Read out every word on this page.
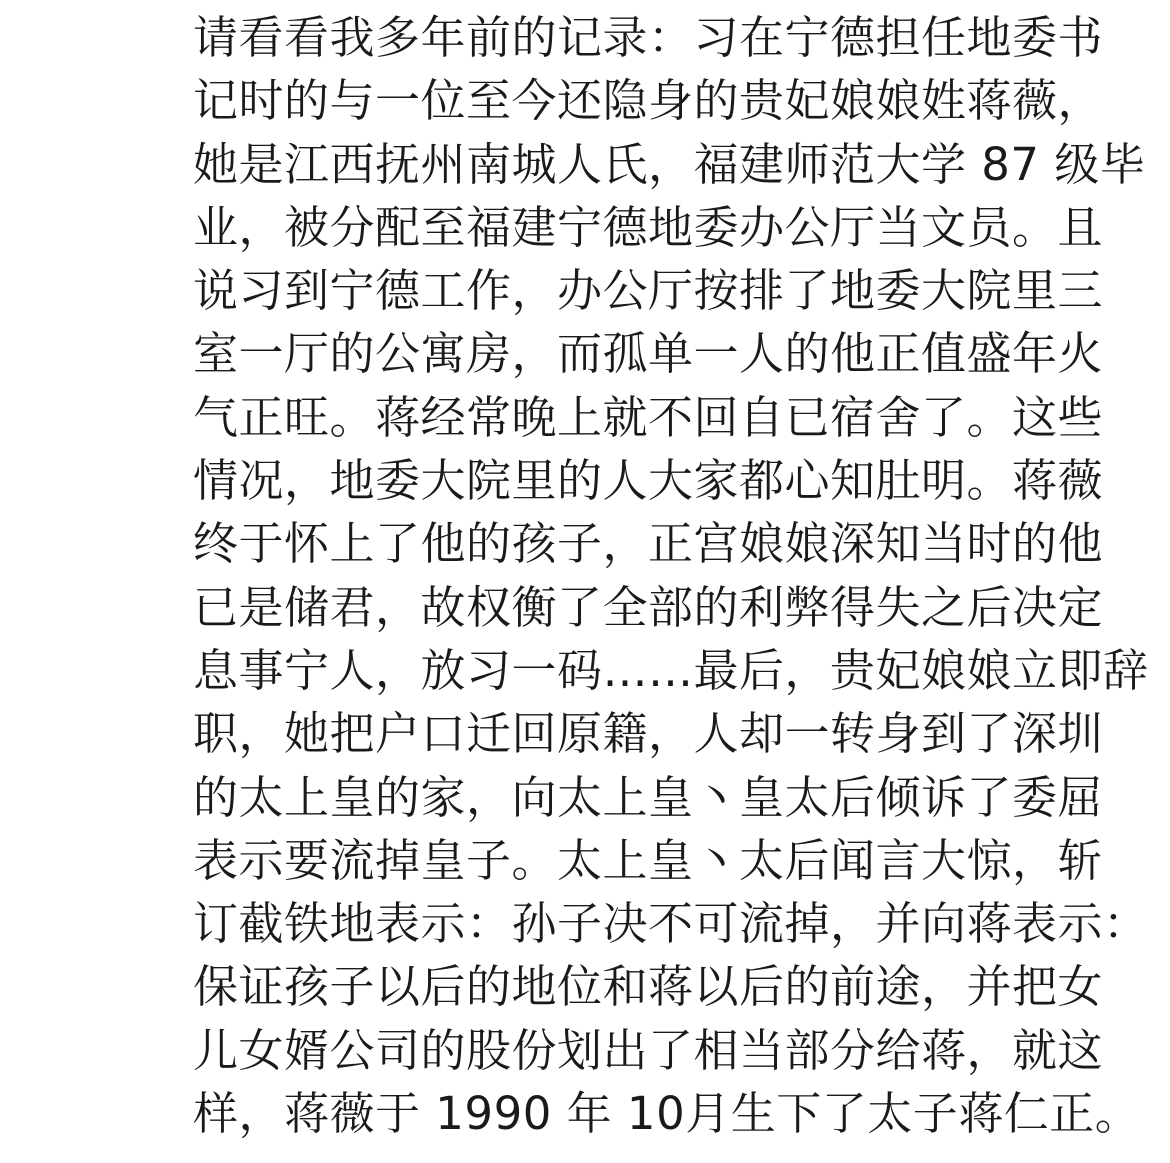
请看看我多年前的记录：习在宁德担任地委书
记时的与一位至今还隐身的贵妃娘娘姓蒋薇，
她是江西抚州南城人氏，福建师范大学 87 级毕
业，被分配至福建宁德地委办公厅当文员。且
说习到宁德工作，办公厅按排了地委大院里三
室一厅的公寓房，而孤单一人的他正值盛年火
气正旺。蒋经常晚上就不回自已宿舍了。这些
情况，地委大院里的人大家都心知肚明。蒋薇
终于怀上了他的孩子，正宫娘娘深知当时的他
已是储君，故权衡了全部的利弊得失之后决定
息事宁人，放习一码……最后，贵妃娘娘立即辞
职，她把户口迁回原籍，人却一转身到了深圳
的太上皇的家，向太上皇丶皇太后倾诉了委屈
表示要流掉皇子。太上皇丶太后闻言大惊，斩
订截铁地表示：孙子决不可流掉，并向蒋表示：
保证孩子以后的地位和蒋以后的前途，并把女
儿女婿公司的股份划出了相当部分给蒋，就这
样，蒋薇于 1990 年 10月生下了太子蒋仁正。
